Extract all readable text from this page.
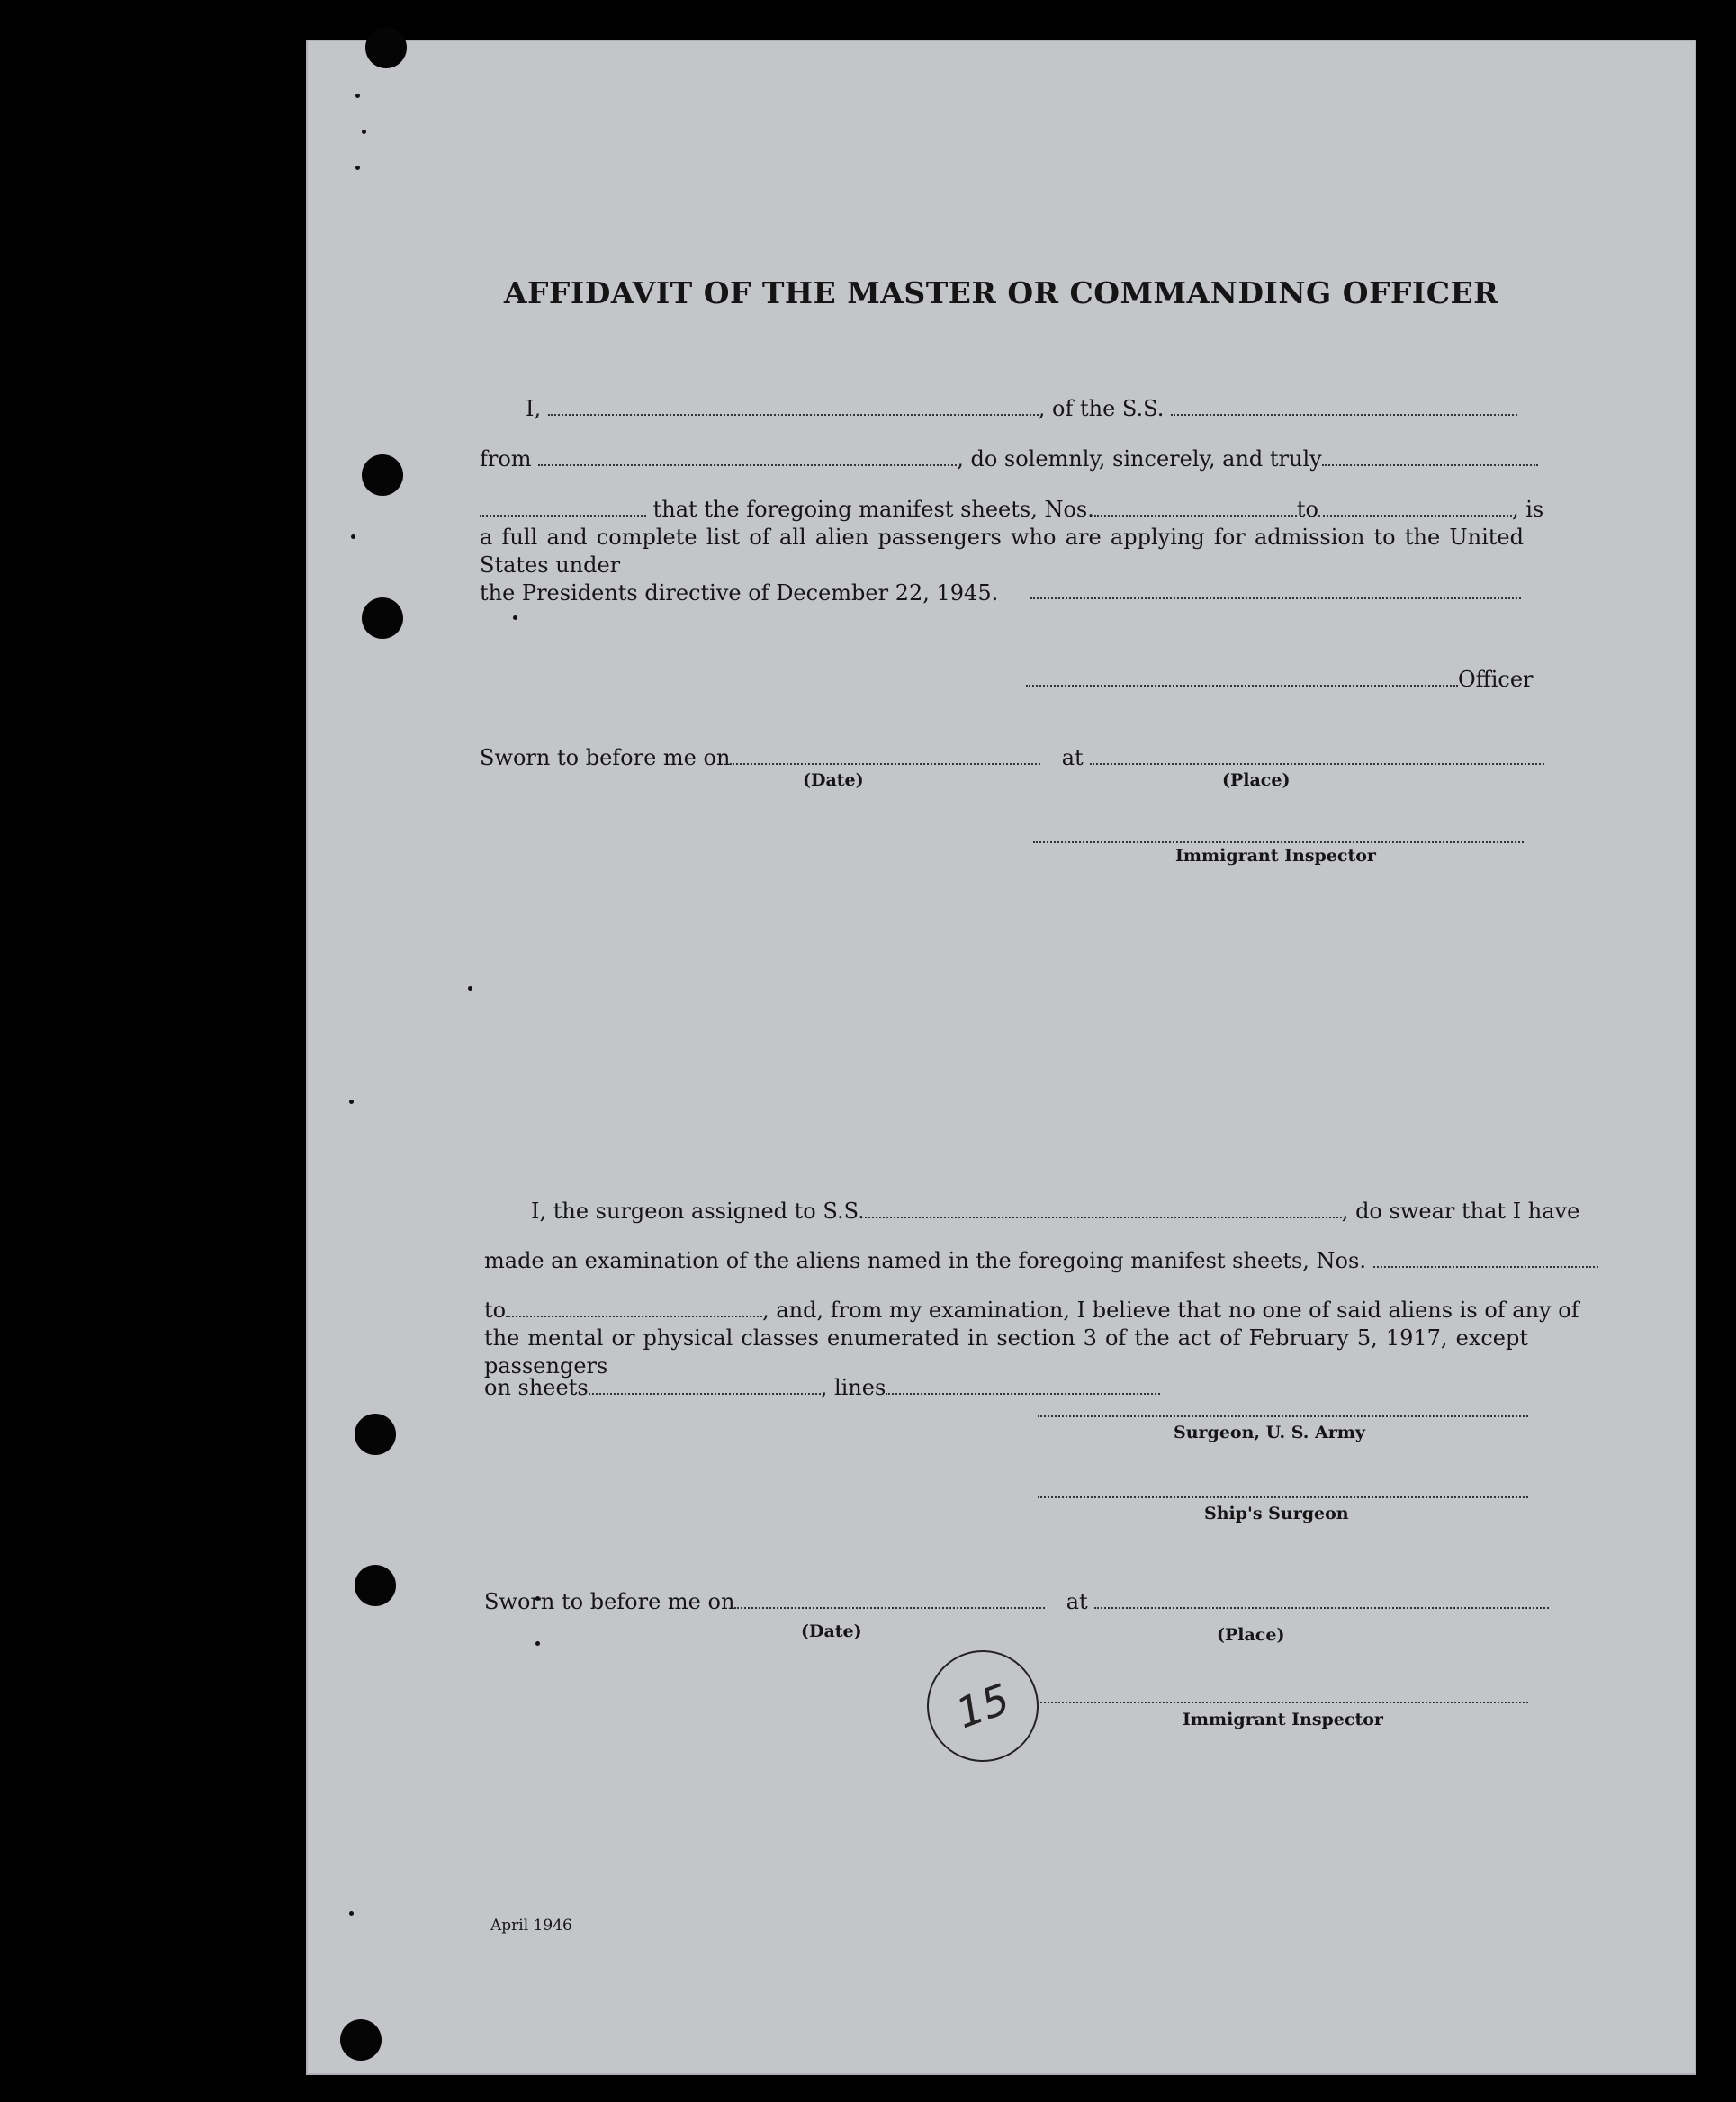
AFFIDAVIT OF THE MASTER OR COMMANDING OFFICER
I,	, of the S.S.
from	, do solemnly, sincerely, and truly
that the foregoing manifest sheets, Nos.	to	, is

a full and complete list of all alien passengers who are applying for admission to the United States under
the Presidents directive of December 22, 1945.

Officer
Sworn to before me on	at
(Date)	(Place)
Immigrant Inspector
I, the surgeon assigned to S.S.	, do swear that I have
made an examination of the aliens named in the foregoing manifest sheets, Nos.
to	, and, from my examination, I believe that no one of said aliens is of any of

the mental or physical classes enumerated in section 3 of the act of February 5, 1917, except passengers

on sheets	, lines
Surgeon, U. S. Army
Ship's Surgeon
Sworn to before me on	at
(Date)	(Place)
15	Immigrant Inspector
April 1946
